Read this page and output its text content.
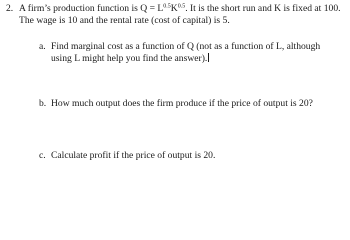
2. A firm’s production function is $Q = L^{0.5}K^{0.5}$. It is the short run and K is fixed at 100. The wage is 10 and the rental rate (cost of capital) is 5.
a. Find marginal cost as a function of Q (not as a function of L, although using L might help you find the answer).
b. How much output does the firm produce if the price of output is 20?
c. Calculate profit if the price of output is 20.
